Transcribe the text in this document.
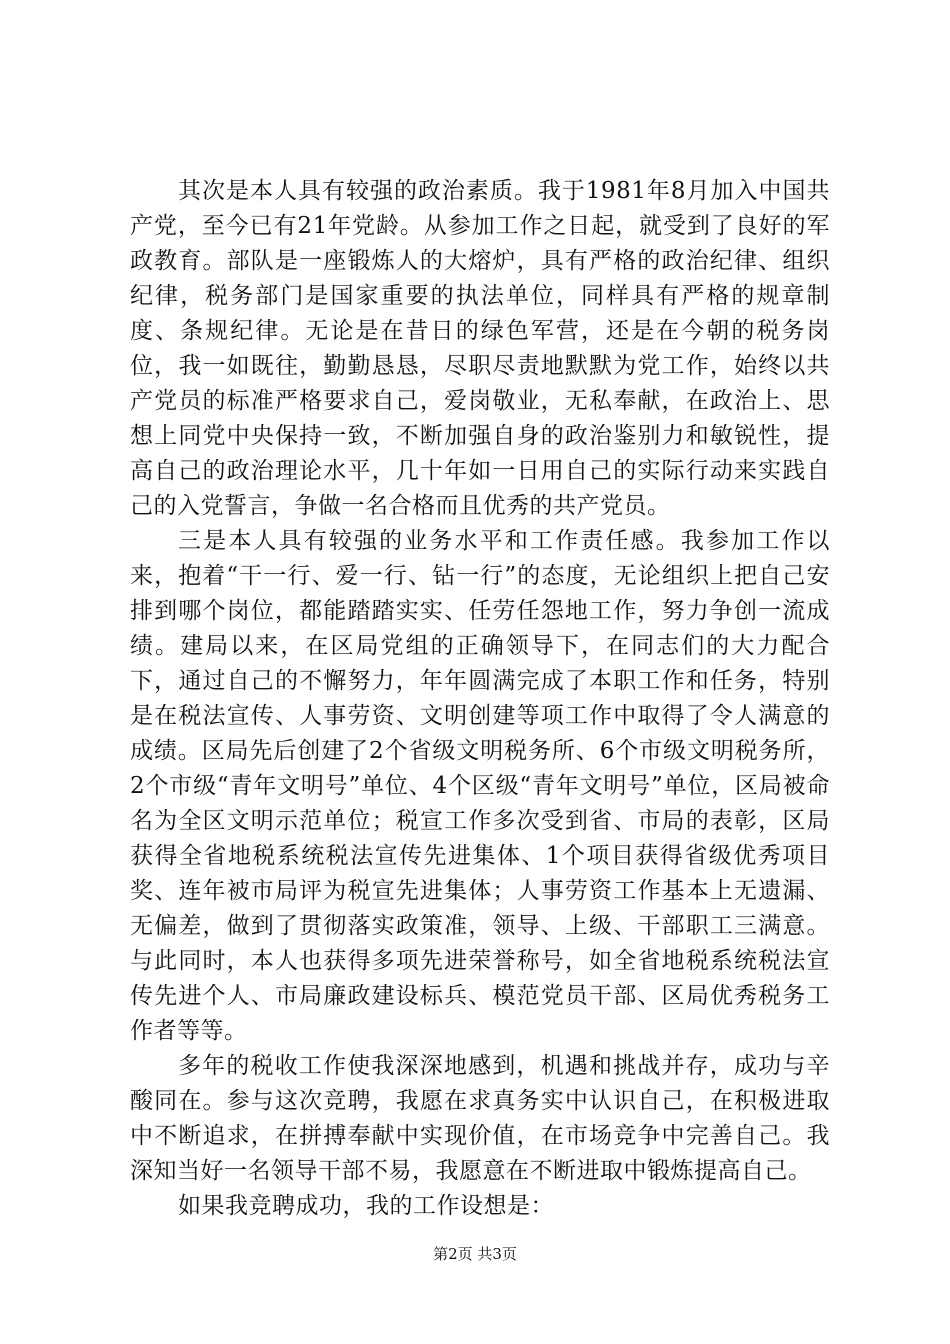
其次是本人具有较强的政治素质。我于1981年8月加入中国共产党，至今已有21年党龄。从参加工作之日起，就受到了良好的军政教育。部队是一座锻炼人的大熔炉，具有严格的政治纪律、组织纪律，税务部门是国家重要的执法单位，同样具有严格的规章制度、条规纪律。无论是在昔日的绿色军营，还是在今朝的税务岗位，我一如既往，勤勤恳恳，尽职尽责地默默为党工作，始终以共产党员的标准严格要求自己，爱岗敬业，无私奉献，在政治上、思想上同党中央保持一致，不断加强自身的政治鉴别力和敏锐性，提高自己的政治理论水平，几十年如一日用自己的实际行动来实践自己的入党誓言，争做一名合格而且优秀的共产党员。

三是本人具有较强的业务水平和工作责任感。我参加工作以来，抱着“干一行、爱一行、钻一行”的态度，无论组织上把自己安排到哪个岗位，都能踏踏实实、任劳任怨地工作，努力争创一流成绩。建局以来，在区局党组的正确领导下，在同志们的大力配合下，通过自己的不懈努力，年年圆满完成了本职工作和任务，特别是在税法宣传、人事劳资、文明创建等项工作中取得了令人满意的成绩。区局先后创建了2个省级文明税务所、6个市级文明税务所，2个市级“青年文明号”单位、4个区级“青年文明号”单位，区局被命名为全区文明示范单位；税宣工作多次受到省、市局的表彰，区局获得全省地税系统税法宣传先进集体、1个项目获得省级优秀项目奖、连年被市局评为税宣先进集体；人事劳资工作基本上无遗漏、无偏差，做到了贯彻落实政策准，领导、上级、干部职工三满意。与此同时，本人也获得多项先进荣誉称号，如全省地税系统税法宣传先进个人、市局廉政建设标兵、模范党员干部、区局优秀税务工作者等等。

多年的税收工作使我深深地感到，机遇和挑战并存，成功与辛酸同在。参与这次竞聘，我愿在求真务实中认识自己，在积极进取中不断追求，在拼搏奉献中实现价值，在市场竞争中完善自己。我深知当好一名领导干部不易，我愿意在不断进取中锻炼提高自己。

如果我竞聘成功，我的工作设想是：

第2页 共3页
